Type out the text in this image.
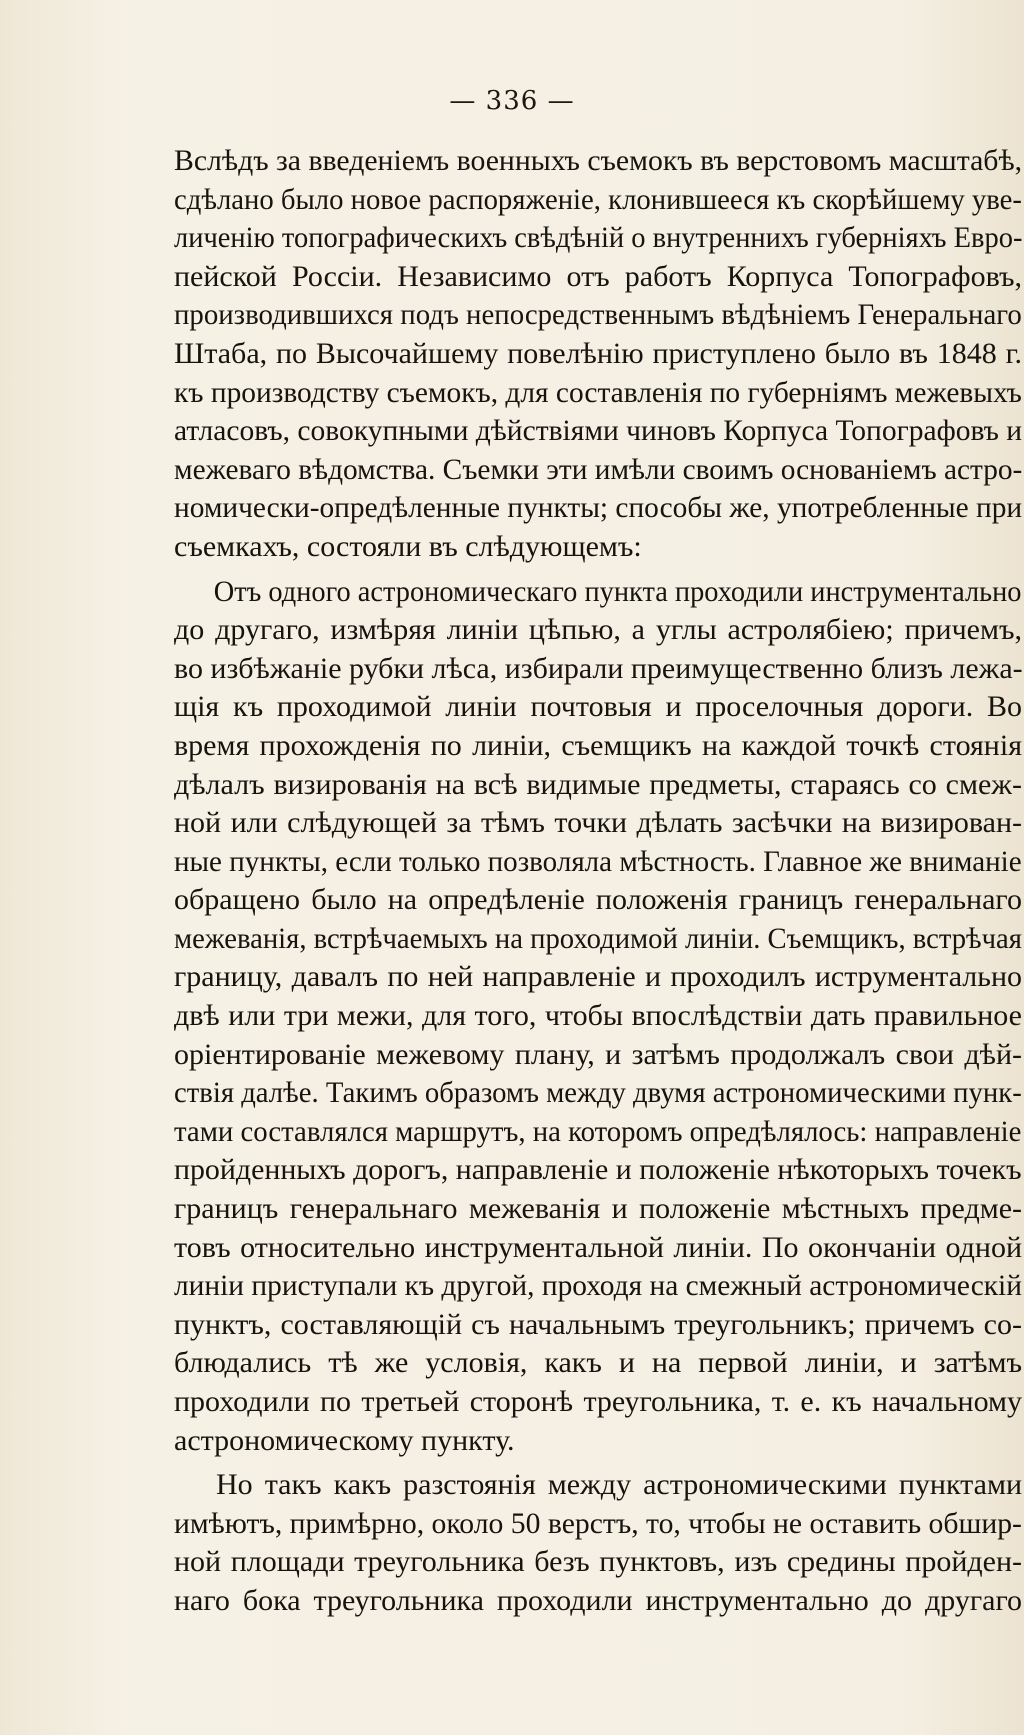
— 336 —
Вслѣдъ за введеніемъ военныхъ съемокъ въ верстовомъ масштабѣ,
сдѣлано было новое распоряженіе, клонившееся къ скорѣйшему уве-
личенію топографическихъ свѣдѣній о внутреннихъ губерніяхъ Евро-
пейской Россіи. Независимо отъ работъ Корпуса Топографовъ,
производившихся подъ непосредственнымъ вѣдѣніемъ Генеральнаго
Штаба, по Высочайшему повелѣнію приступлено было въ 1848 г.
къ производству съемокъ, для составленія по губерніямъ межевыхъ
атласовъ, совокупными дѣйствіями чиновъ Корпуса Топографовъ и
межеваго вѣдомства. Съемки эти имѣли своимъ основаніемъ астро-
номически-опредѣленные пункты; способы же, употребленные при
съемкахъ, состояли въ слѣдующемъ:
Отъ одного астрономическаго пункта проходили инструментально
до другаго, измѣряя линіи цѣпью, а углы астролябіею; причемъ,
во избѣжаніе рубки лѣса, избирали преимущественно близъ лежа-
щія къ проходимой линіи почтовыя и проселочныя дороги. Во
время прохожденія по линіи, съемщикъ на каждой точкѣ стоянія
дѣлалъ визированія на всѣ видимые предметы, стараясь со смеж-
ной или слѣдующей за тѣмъ точки дѣлать засѣчки на визирован-
ные пункты, если только позволяла мѣстность. Главное же вниманіе
обращено было на опредѣленіе положенія границъ генеральнаго
межеванія, встрѣчаемыхъ на проходимой линіи. Съемщикъ, встрѣчая
границу, давалъ по ней направленіе и проходилъ иструментально
двѣ или три межи, для того, чтобы впослѣдствіи дать правильное
оріентированіе межевому плану, и затѣмъ продолжалъ свои дѣй-
ствія далѣе. Такимъ образомъ между двумя астрономическими пунк-
тами составлялся маршрутъ, на которомъ опредѣлялось: направленіе
пройденныхъ дорогъ, направленіе и положеніе нѣкоторыхъ точекъ
границъ генеральнаго межеванія и положеніе мѣстныхъ предме-
товъ относительно инструментальной линіи. По окончаніи одной
линіи приступали къ другой, проходя на смежный астрономическій
пунктъ, составляющій съ начальнымъ треугольникъ; причемъ со-
блюдались тѣ же условія, какъ и на первой линіи, и затѣмъ
проходили по третьей сторонѣ треугольника, т. е. къ начальному
астрономическому пункту.
Но такъ какъ разстоянія между астрономическими пунктами
имѣютъ, примѣрно, около 50 верстъ, то, чтобы не оставить обшир-
ной площади треугольника безъ пунктовъ, изъ средины пройден-
наго бока треугольника проходили инструментально до другаго
